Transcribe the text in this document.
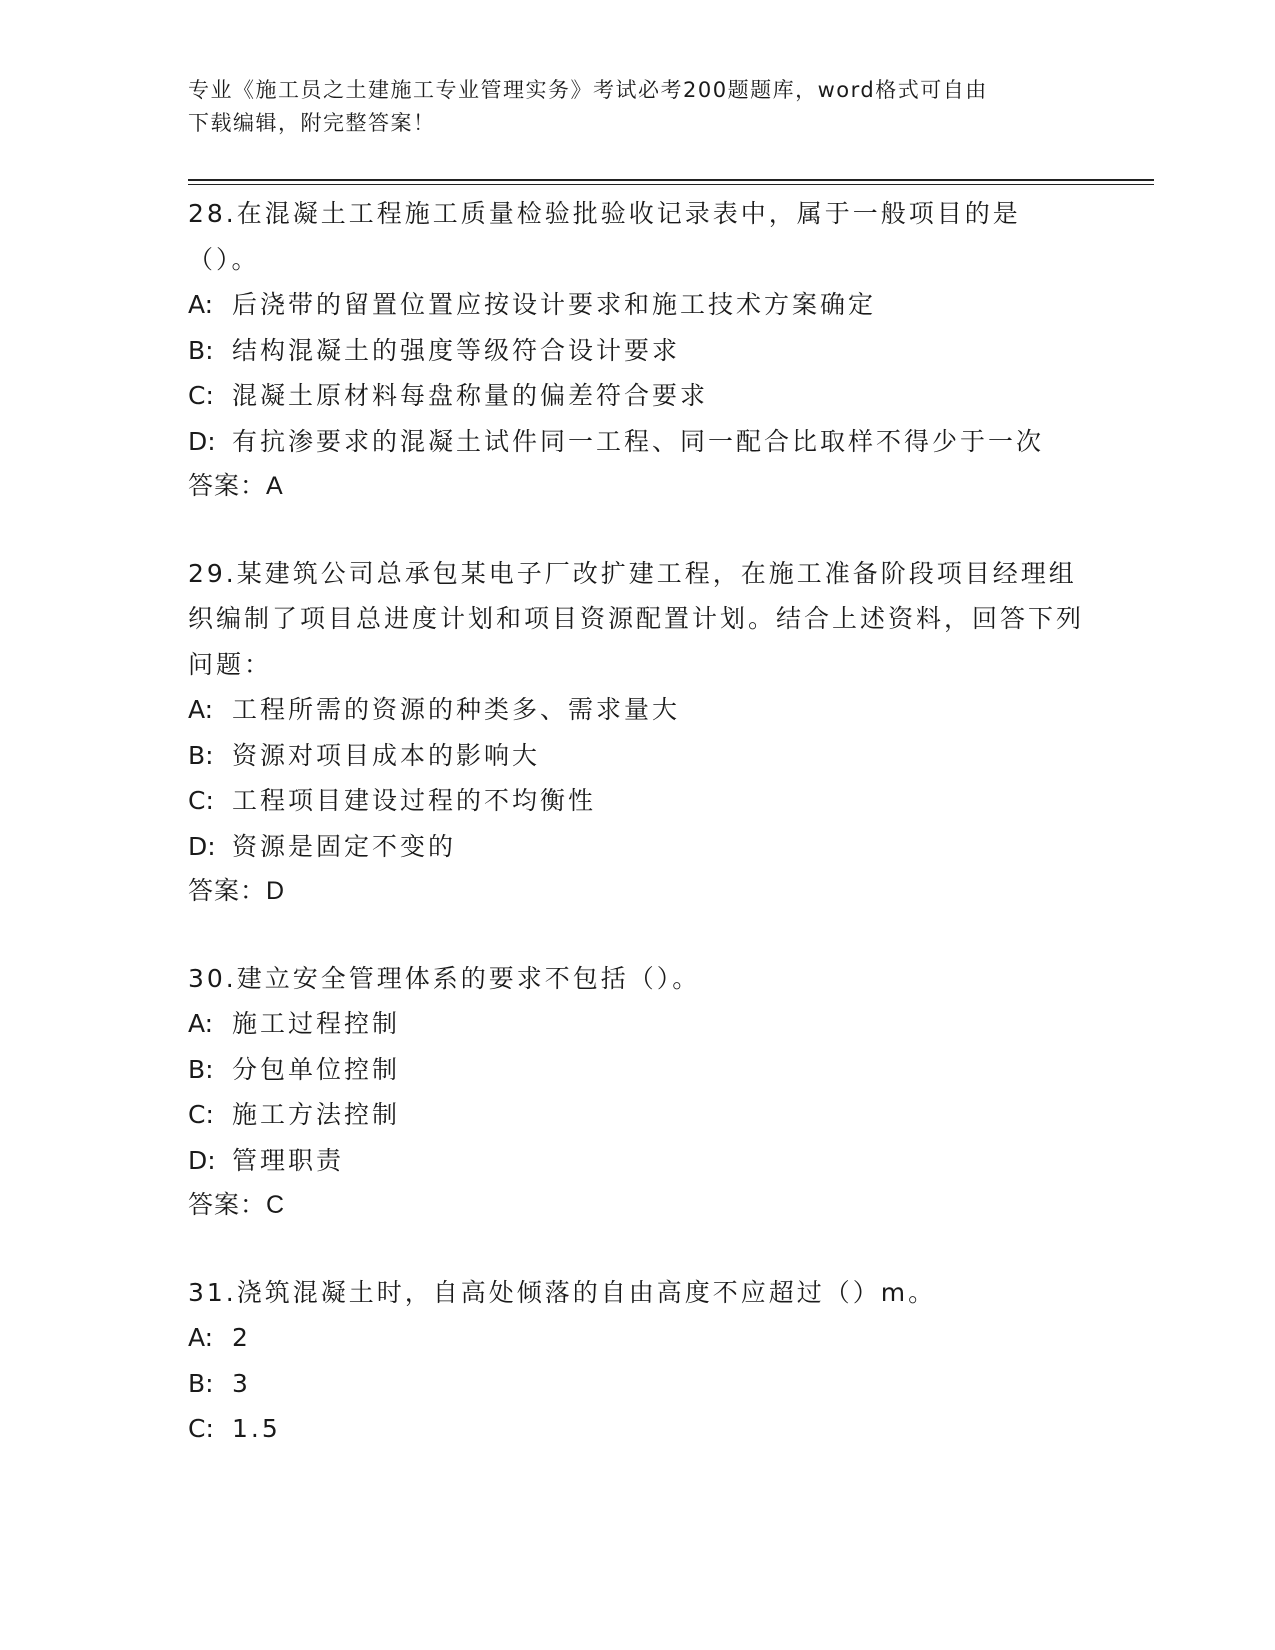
专业《施工员之土建施工专业管理实务》考试必考200题题库，word格式可自由
下载编辑，附完整答案！
28.在混凝土工程施工质量检验批验收记录表中，属于一般项目的是（）。
A: 后浇带的留置位置应按设计要求和施工技术方案确定
B: 结构混凝土的强度等级符合设计要求
C: 混凝土原材料每盘称量的偏差符合要求
D: 有抗渗要求的混凝土试件同一工程、同一配合比取样不得少于一次
答案：A
29.某建筑公司总承包某电子厂改扩建工程，在施工准备阶段项目经理组织编制了项目总进度计划和项目资源配置计划。结合上述资料，回答下列问题：
A: 工程所需的资源的种类多、需求量大
B: 资源对项目成本的影响大
C: 工程项目建设过程的不均衡性
D: 资源是固定不变的
答案：D
30.建立安全管理体系的要求不包括（）。
A: 施工过程控制
B: 分包单位控制
C: 施工方法控制
D: 管理职责
答案：C
31.浇筑混凝土时，自高处倾落的自由高度不应超过（）m。
A: 2
B: 3
C: 1.5
